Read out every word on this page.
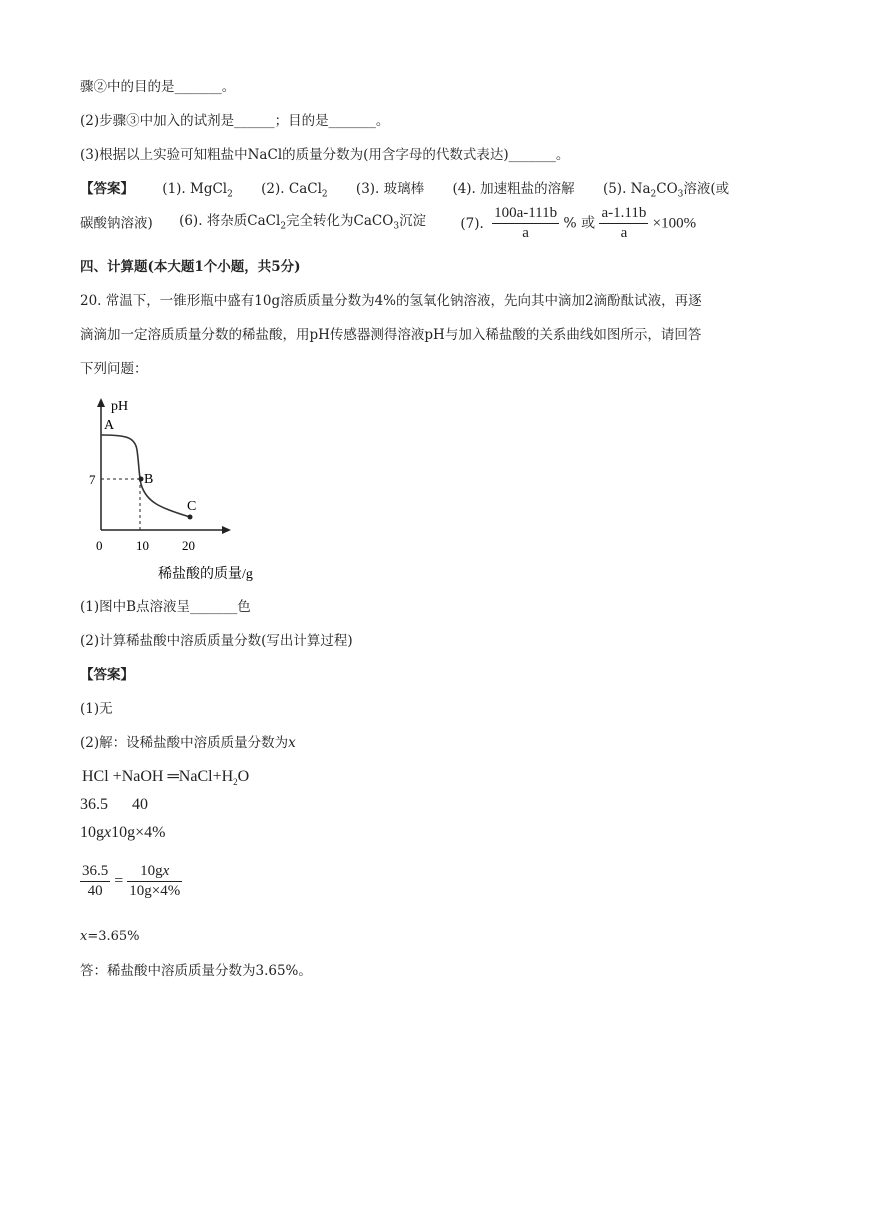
骤②中的目的是_______。
(2)步骤③中加入的试剂是______；目的是_______。
(3)根据以上实验可知粗盐中NaCl的质量分数为(用含字母的代数式表达)_______。
【答案】 (1). MgCl$_2$ (2). CaCl$_2$ (3). 玻璃棒 (4). 加速粗盐的溶解 (5). $Na_2CO_3$溶液(或
碳酸钠溶液) (6). 将杂质CaCl$_2$完全转化为CaCO$_3$沉淀	(7). $\frac{100a-111b}{a}$ % 或 $\frac{a-1.11b}{a} \times 100\%$
四、计算题(本大题1个小题，共5分)
20. 常温下，一锥形瓶中盛有10g溶质质量分数为4%的氢氧化钠溶液，先向其中滴加2滴酚酞试液，再逐
滴滴加一定溶质质量分数的稀盐酸，用pH传感器测得溶液pH与加入稀盐酸的关系曲线如图所示，请回答
下列问题：
pH
0	10	20
7
A
B
C
稀盐酸的质量/g
(1)图中B点溶液呈_______色
(2)计算稀盐酸中溶质质量分数(写出计算过程)
【答案】
(1)无
(2)解：设稀盐酸中溶质质量分数为x
HCl +NaOH $═NaCl+H_2O$
36.5      40
10gx10g×4%
$\frac{36.5}{40} = \frac{10gx}{10g\times 4\%}$
x=3.65%
答：稀盐酸中溶质质量分数为3.65%。
